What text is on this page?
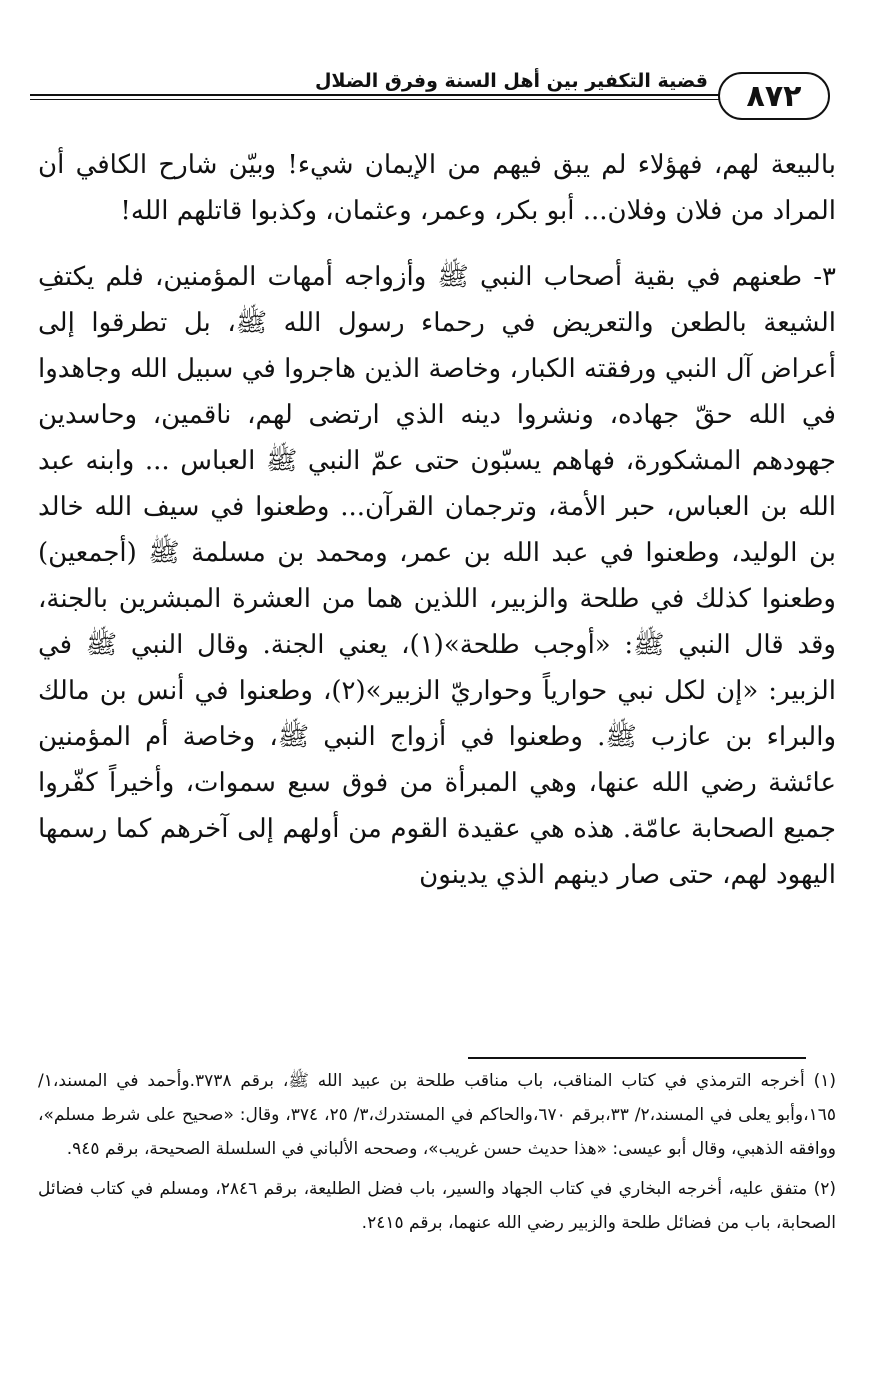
٨٧٢
قضية التكفير بين أهل السنة وفرق الضلال

بالبيعة لهم، فهؤلاء لم يبق فيهم من الإيمان شيء! وبيّن شارح الكافي أن المراد من فلان وفلان... أبو بكر، وعمر، وعثمان، وكذبوا قاتلهم الله!

٣- طعنهم في بقية أصحاب النبي ﷺ وأزواجه أمهات المؤمنين، فلم يكتفِ الشيعة بالطعن والتعريض في رحماء رسول الله ﷺ، بل تطرقوا إلى أعراض آل النبي ورفقته الكبار، وخاصة الذين هاجروا في سبيل الله وجاهدوا في الله حقّ جهاده، ونشروا دينه الذي ارتضى لهم، ناقمين، وحاسدين جهودهم المشكورة، فهاهم يسبّون حتى عمّ النبي ﷺ العباس ... وابنه عبد الله بن العباس، حبر الأمة، وترجمان القرآن... وطعنوا في سيف الله خالد بن الوليد، وطعنوا في عبد الله بن عمر، ومحمد بن مسلمة ﷺ (أجمعين) وطعنوا كذلك في طلحة والزبير، اللذين هما من العشرة المبشرين بالجنة، وقد قال النبي ﷺ: «أوجب طلحة»(١)، يعني الجنة. وقال النبي ﷺ في الزبير: «إن لكل نبي حوارياً وحواريّ الزبير»(٢)، وطعنوا في أنس بن مالك والبراء بن عازب ﷺ. وطعنوا في أزواج النبي ﷺ، وخاصة أم المؤمنين عائشة رضي الله عنها، وهي المبرأة من فوق سبع سموات، وأخيراً كفّروا جميع الصحابة عامّة. هذه هي عقيدة القوم من أولهم إلى آخرهم كما رسمها اليهود لهم، حتى صار دينهم الذي يدينون

(١) أخرجه الترمذي في كتاب المناقب، باب مناقب طلحة بن عبيد الله ﷺ، برقم ٣٧٣٨.وأحمد في المسند،١/ ١٦٥،وأبو يعلى في المسند،٢/ ٣٣،برقم ٦٧٠،والحاكم في المستدرك،٣/ ٢٥، ٣٧٤، وقال: «صحيح على شرط مسلم»، ووافقه الذهبي، وقال أبو عيسى: «هذا حديث حسن غريب»، وصححه الألباني في السلسلة الصحيحة، برقم ٩٤٥.

(٢) متفق عليه، أخرجه البخاري في كتاب الجهاد والسير، باب فضل الطليعة، برقم ٢٨٤٦، ومسلم في كتاب فضائل الصحابة، باب من فضائل طلحة والزبير رضي الله عنهما، برقم ٢٤١٥.
